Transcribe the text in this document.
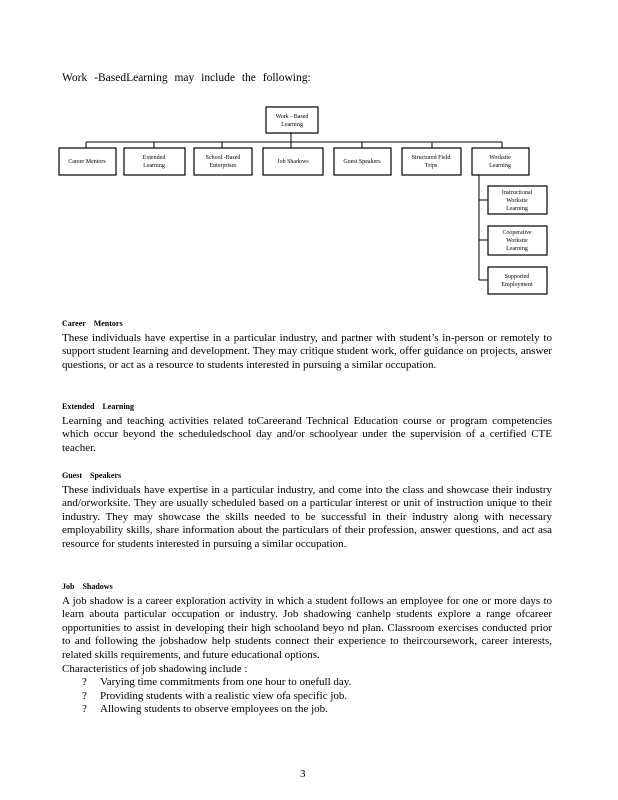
Work -BasedLearning may include the following:
Work - Based
Learning
Career Mentors
Extended
Learning
School -Based
Enterprises
Job Shadows	Guest Speakers
Structured Field
Trips
Worksite
Learning
Instructional
Worksite
Learning
Cooperative
Worksite
Learning
Supported
Employment
Career Mentors

These individuals have expertise in a particular industry, and partner with student’s in-person or remotely to support student learning and development. They may critique student work, offer guidance on projects, answer questions, or act as a resource to students interested in pursuing a similar occupation.

Extended Learning

Learning and teaching activities related toCareerand Technical Education course or program competencies which occur beyond the scheduledschool day and/or schoolyear under the supervision of a certified CTE teacher.

Guest Speakers

These individuals have expertise in a particular industry, and come into the class and showcase their industry and/orworksite. They are usually scheduled based on a particular interest or unit of instruction unique to their industry. They may showcase the skills needed to be successful in their industry along with necessary employability skills, share information about the particulars of their profession, answer questions, and act asa resource for students interested in pursuing a similar occupation.

Job Shadows

A job shadow is a career exploration activity in which a student follows an employee for one or more days to learn abouta particular occupation or industry. Job shadowing canhelp students explore a range ofcareer opportunities to assist in developing their high schooland beyo nd plan. Classroom exercises conducted prior to and following the jobshadow help students connect their experience to theircoursework, career interests, related skills requirements, and future educational options.

Characteristics of job shadowing include :

? Varying time commitments from one hour to onefull day.
? Providing students with a realistic view ofa specific job.
? Allowing students to observe employees on the job.
3
